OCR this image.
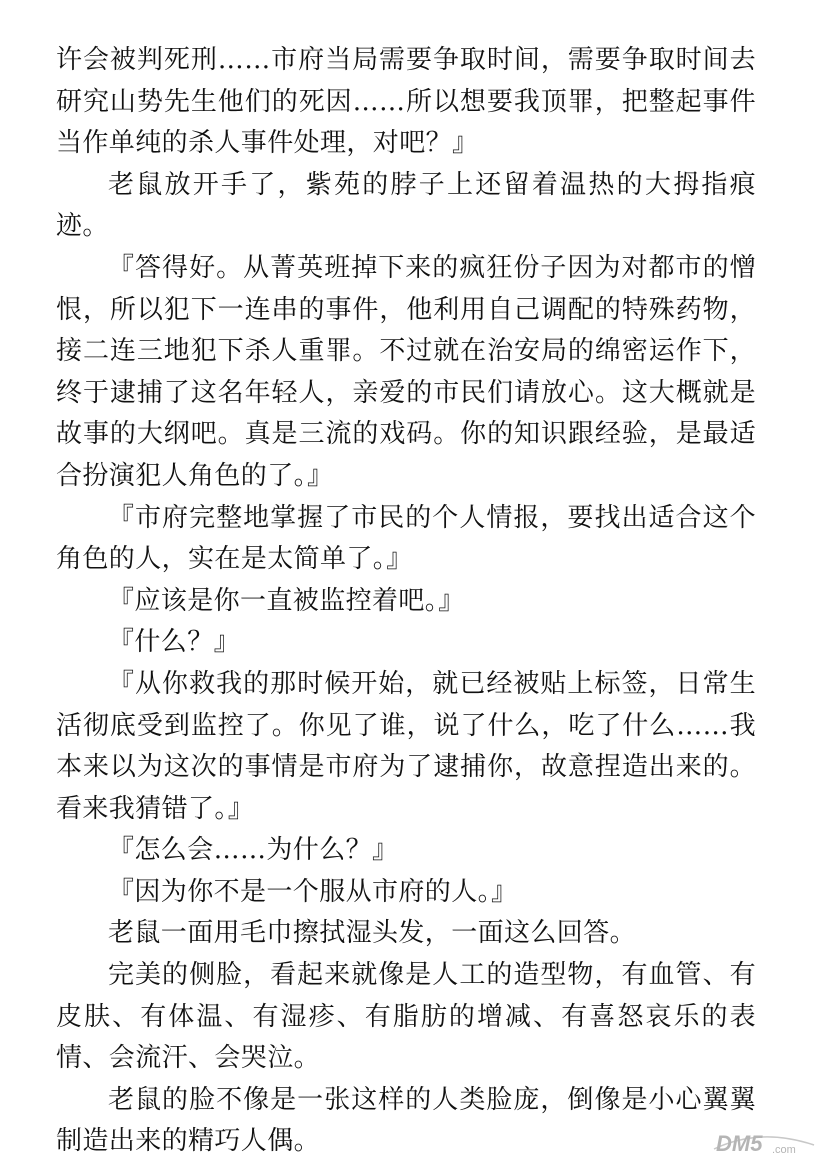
许会被判死刑……市府当局需要争取时间，需要争取时间去研究山势先生他们的死因……所以想要我顶罪，把整起事件当作单纯的杀人事件处理，对吧？』

老鼠放开手了，紫苑的脖子上还留着温热的大拇指痕迹。

『答得好。从菁英班掉下来的疯狂份子因为对都市的憎恨，所以犯下一连串的事件，他利用自己调配的特殊药物，接二连三地犯下杀人重罪。不过就在治安局的绵密运作下，终于逮捕了这名年轻人，亲爱的市民们请放心。这大概就是故事的大纲吧。真是三流的戏码。你的知识跟经验，是最适合扮演犯人角色的了。』

『市府完整地掌握了市民的个人情报，要找出适合这个角色的人，实在是太简单了。』

『应该是你一直被监控着吧。』

『什么？』

『从你救我的那时候开始，就已经被贴上标签，日常生活彻底受到监控了。你见了谁，说了什么，吃了什么……我本来以为这次的事情是市府为了逮捕你，故意捏造出来的。看来我猜错了。』

『怎么会……为什么？』

『因为你不是一个服从市府的人。』

老鼠一面用毛巾擦拭湿头发，一面这么回答。

完美的侧脸，看起来就像是人工的造型物，有血管、有皮肤、有体温、有湿疹、有脂肪的增减、有喜怒哀乐的表情、会流汗、会哭泣。

老鼠的脸不像是一张这样的人类脸庞，倒像是小心翼翼制造出来的精巧人偶。	DM5 .com
